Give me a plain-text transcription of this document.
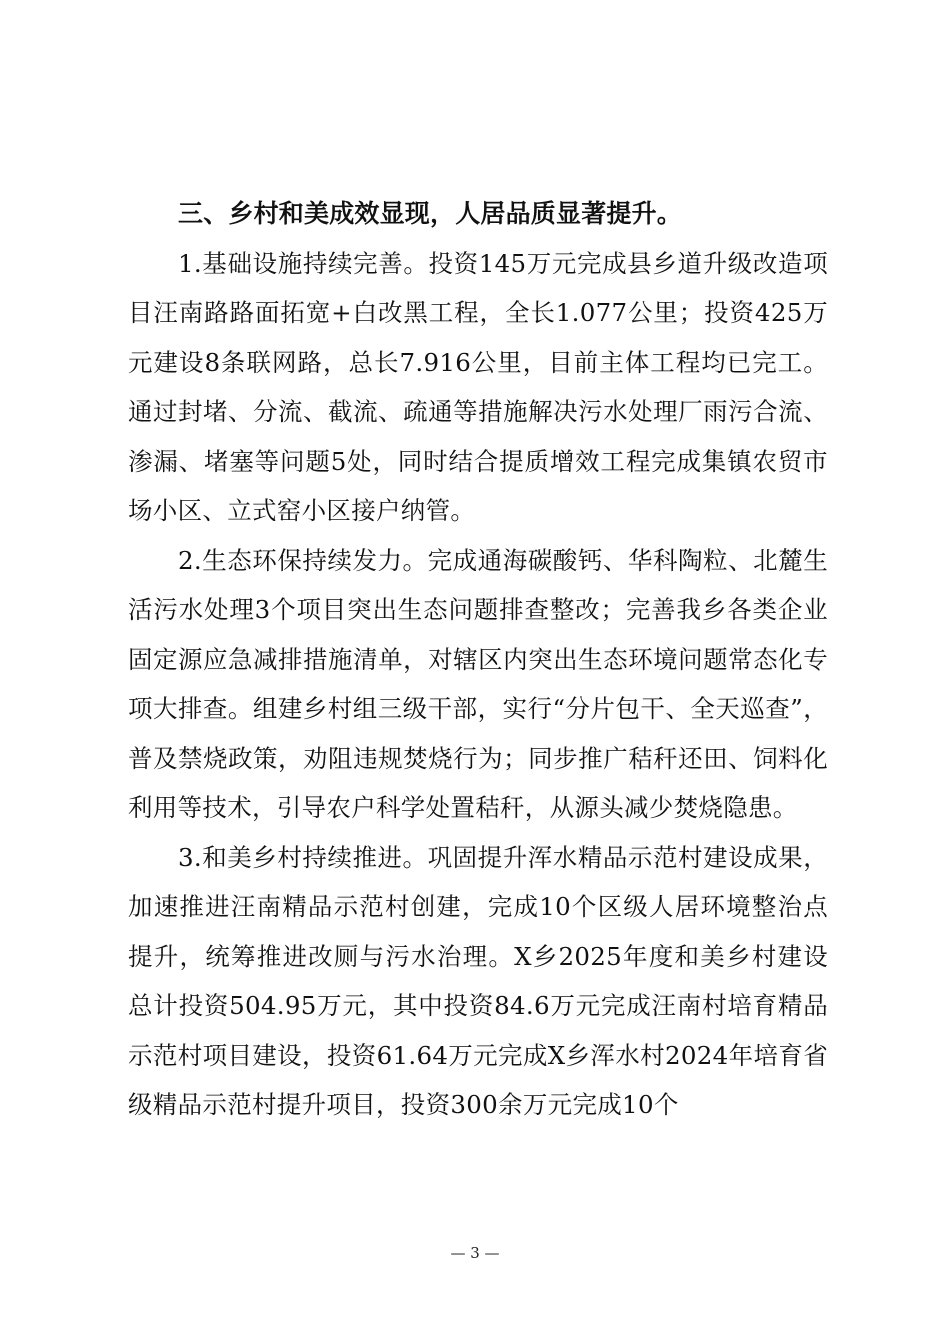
三、乡村和美成效显现，人居品质显著提升。

1.基础设施持续完善。投资145万元完成县乡道升级改造项目汪南路路面拓宽+白改黑工程，全长1.077公里；投资425万元建设8条联网路，总长7.916公里，目前主体工程均已完工。通过封堵、分流、截流、疏通等措施解决污水处理厂雨污合流、渗漏、堵塞等问题5处，同时结合提质增效工程完成集镇农贸市场小区、立式窑小区接户纳管。

2.生态环保持续发力。完成通海碳酸钙、华科陶粒、北麓生活污水处理3个项目突出生态问题排查整改；完善我乡各类企业固定源应急减排措施清单，对辖区内突出生态环境问题常态化专项大排查。组建乡村组三级干部，实行“分片包干、全天巡查”，普及禁烧政策，劝阻违规焚烧行为；同步推广秸秆还田、饲料化利用等技术，引导农户科学处置秸秆，从源头减少焚烧隐患。

3.和美乡村持续推进。巩固提升浑水精品示范村建设成果，加速推进汪南精品示范村创建，完成10个区级人居环境整治点提升，统筹推进改厕与污水治理。X乡2025年度和美乡村建设总计投资504.95万元，其中投资84.6万元完成汪南村培育精品示范村项目建设，投资61.64万元完成X乡浑水村2024年培育省级精品示范村提升项目，投资300余万元完成10个

— 3 —
